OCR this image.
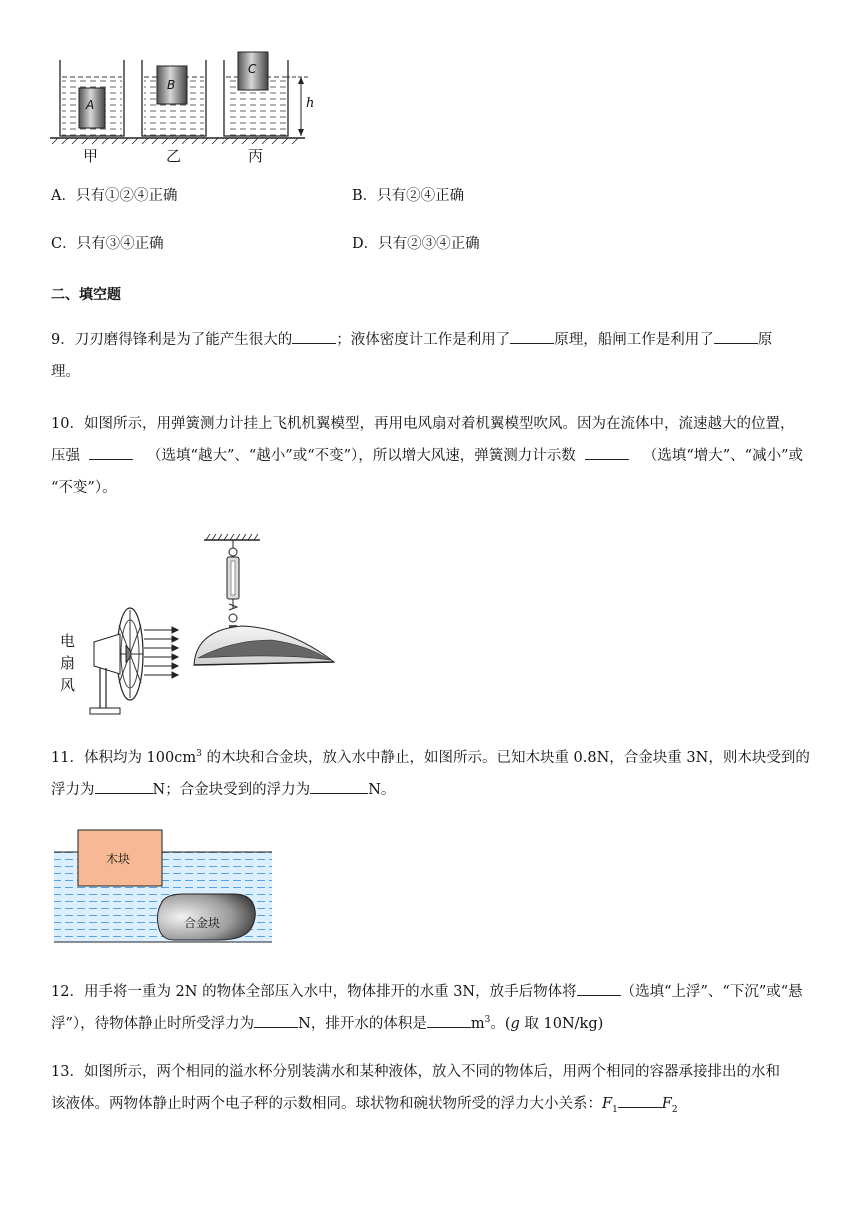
A
B
C
h
甲	乙	丙
A．只有①②④正确	B．只有②④正确
C．只有③④正确	D．只有②③④正确
二、填空题
9．刀刃磨得锋利是为了能产生很大的	；液体密度计工作是利用了	原理，船闸工作是利用了	原
理。
10．如图所示，用弹簧测力计挂上飞机机翼模型，再用电风扇对着机翼模型吹风。因为在流体中，流速越大的位置，
压强	（选填“越大”、“越小”或“不变”），所以增大风速，弹簧测力计示数	（选填“增大”、“减小”或
“不变”）。
电
扇
风
11．体积均为 $100cm^3$ 的木块和合金块，放入水中静止，如图所示。已知木块重 0.8N，合金块重 3N，则木块受到的
浮力为	N；合金块受到的浮力为	N。
木块
合金块
12．用手将一重为 2N 的物体全部压入水中，物体排开的水重 3N，放手后物体将	（选填“上浮”、“下沉”或“悬
浮”），待物体静止时所受浮力为	N，排开水的体积是	$m^3$。(g 取 10N/kg)
13．如图所示，两个相同的溢水杯分别装满水和某种液体，放入不同的物体后，用两个相同的容器承接排出的水和
该液体。两物体静止时两个电子秤的示数相同。球状物和碗状物所受的浮力大小关系：$F_1$	$F_2$
